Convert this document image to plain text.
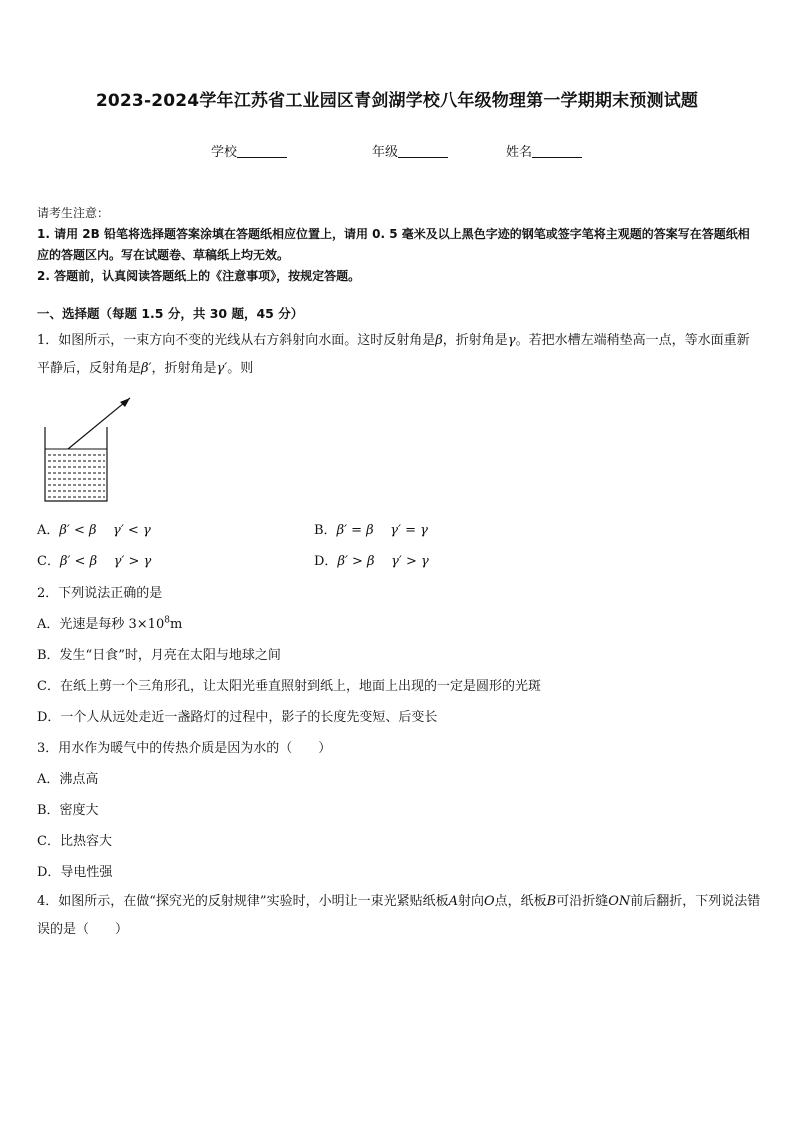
2023-2024学年江苏省工业园区青剑湖学校八年级物理第一学期期末预测试题
学校	年级	姓名
请考生注意：
1. 请用 2B 铅笔将选择题答案涂填在答题纸相应位置上，请用 0. 5 毫米及以上黑色字迹的钢笔或签字笔将主观题的答案写在答题纸相应的答题区内。写在试题卷、草稿纸上均无效。
2. 答题前，认真阅读答题纸上的《注意事项》，按规定答题。
一、选择题（每题 1.5 分，共 30 题，45 分）
1．如图所示，一束方向不变的光线从右方斜射向水面。这时反射角是β，折射角是γ。若把水槽左端稍垫高一点，等水面重新平静后，反射角是β′，折射角是γ′。则
A．β′ < β    γ′ < γ	B．β′ = β    γ′ = γ
C．β′ < β    γ′ > γ	D．β′ > β    γ′ > γ
2．下列说法正确的是
A．光速是每秒 $3\times 10^8m$
B．发生“日食”时，月亮在太阳与地球之间
C．在纸上剪一个三角形孔，让太阳光垂直照射到纸上，地面上出现的一定是圆形的光斑
D．一个人从远处走近一盏路灯的过程中，影子的长度先变短、后变长
3．用水作为暖气中的传热介质是因为水的（　　）
A．沸点高
B．密度大
C．比热容大
D．导电性强
4．如图所示，在做“探究光的反射规律”实验时，小明让一束光紧贴纸板A射向O点，纸板B可沿折缝ON前后翻折，下列说法错误的是（　　）
